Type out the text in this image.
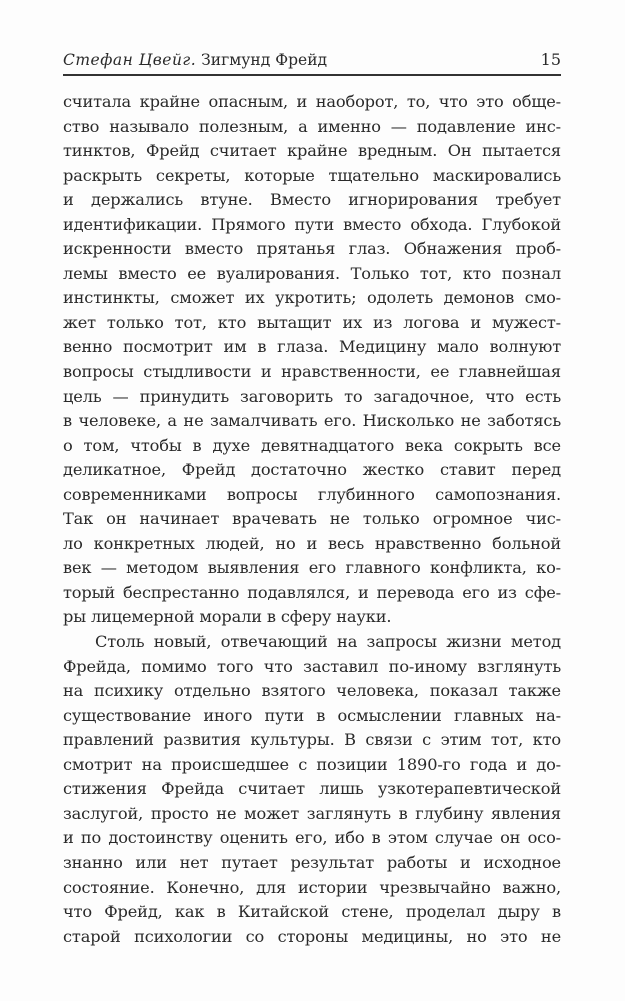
Стефан Цвейг. Зигмунд Фрейд	15
считала крайне опасным, и наоборот, то, что это обще-
ство называло полезным, а именно — подавление инс-
тинктов, Фрейд считает крайне вредным. Он пытается
раскрыть секреты, которые тщательно маскировались
и держались втуне. Вместо игнорирования требует
идентификации. Прямого пути вместо обхода. Глубокой
искренности вместо прятанья глаз. Обнажения проб-
лемы вместо ее вуалирования. Только тот, кто познал
инстинкты, сможет их укротить; одолеть демонов смо-
жет только тот, кто вытащит их из логова и мужест-
венно посмотрит им в глаза. Медицину мало волнуют
вопросы стыдливости и нравственности, ее главнейшая
цель — принудить заговорить то загадочное, что есть
в человеке, а не замалчивать его. Нисколько не заботясь
о том, чтобы в духе девятнадцатого века сокрыть все
деликатное, Фрейд достаточно жестко ставит перед
современниками вопросы глубинного самопознания.
Так он начинает врачевать не только огромное чис-
ло конкретных людей, но и весь нравственно больной
век — методом выявления его главного конфликта, ко-
торый беспрестанно подавлялся, и перевода его из сфе-
ры лицемерной морали в сферу науки.
Столь новый, отвечающий на запросы жизни метод
Фрейда, помимо того что заставил по-иному взглянуть
на психику отдельно взятого человека, показал также
существование иного пути в осмыслении главных на-
правлений развития культуры. В связи с этим тот, кто
смотрит на происшедшее с позиции 1890-го года и до-
стижения Фрейда считает лишь узкотерапевтической
заслугой, просто не может заглянуть в глубину явления
и по достоинству оценить его, ибо в этом случае он осо-
знанно или нет путает результат работы и исходное
состояние. Конечно, для истории чрезвычайно важно,
что Фрейд, как в Китайской стене, проделал дыру в
старой психологии со стороны медицины, но это не
